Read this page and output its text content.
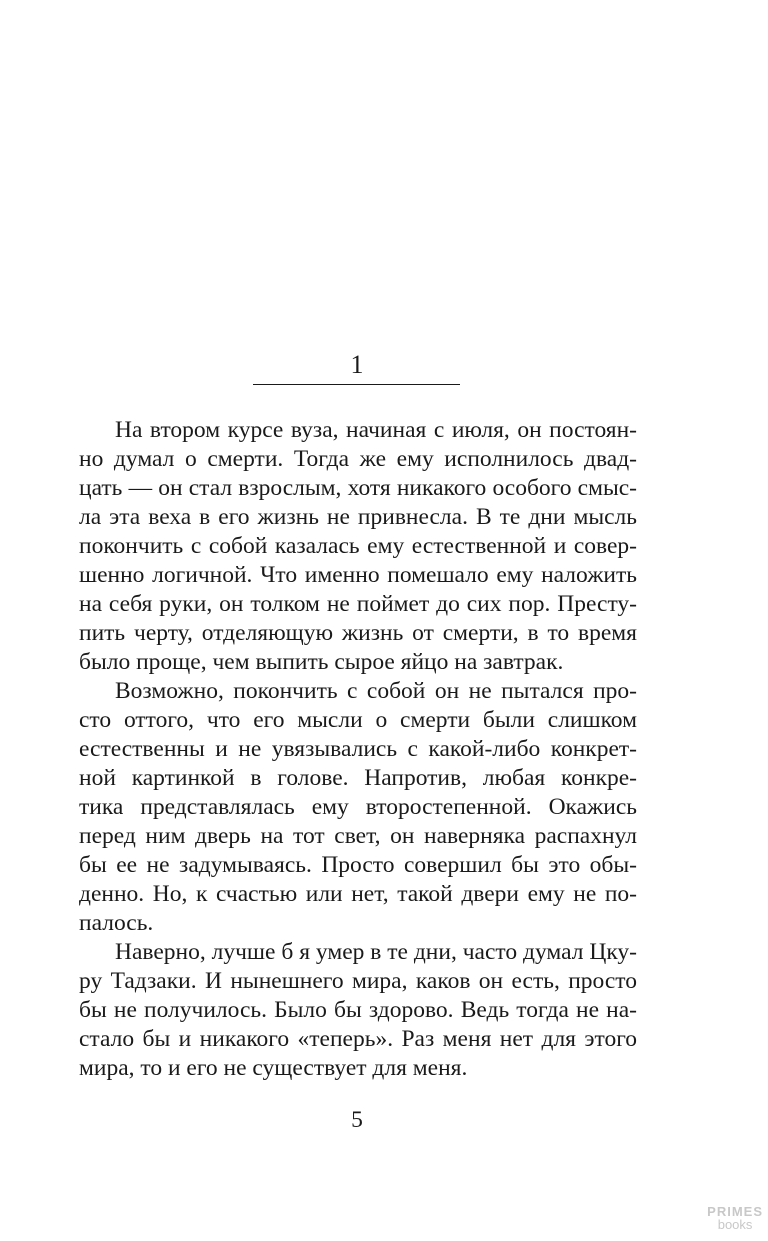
1
На втором курсе вуза, начиная с июля, он постоян-
но думал о смерти. Тогда же ему исполнилось двад-
цать — он стал взрослым, хотя никакого особого смыс-
ла эта веха в его жизнь не привнесла. В те дни мысль
покончить с собой казалась ему естественной и совер-
шенно логичной. Что именно помешало ему наложить
на себя руки, он толком не поймет до сих пор. Престу-
пить черту, отделяющую жизнь от смерти, в то время
было проще, чем выпить сырое яйцо на завтрак.
Возможно, покончить с собой он не пытался про-
сто оттого, что его мысли о смерти были слишком
естественны и не увязывались с какой-либо конкрет-
ной картинкой в голове. Напротив, любая конкре-
тика представлялась ему второстепенной. Окажись
перед ним дверь на тот свет, он наверняка распахнул
бы ее не задумываясь. Просто совершил бы это обы-
денно. Но, к счастью или нет, такой двери ему не по-
палось.
Наверно, лучше б я умер в те дни, часто думал Цку-
ру Тадзаки. И нынешнего мира, каков он есть, просто
бы не получилось. Было бы здорово. Ведь тогда не на-
стало бы и никакого «теперь». Раз меня нет для этого
мира, то и его не существует для меня.
5
PRIMES
books
